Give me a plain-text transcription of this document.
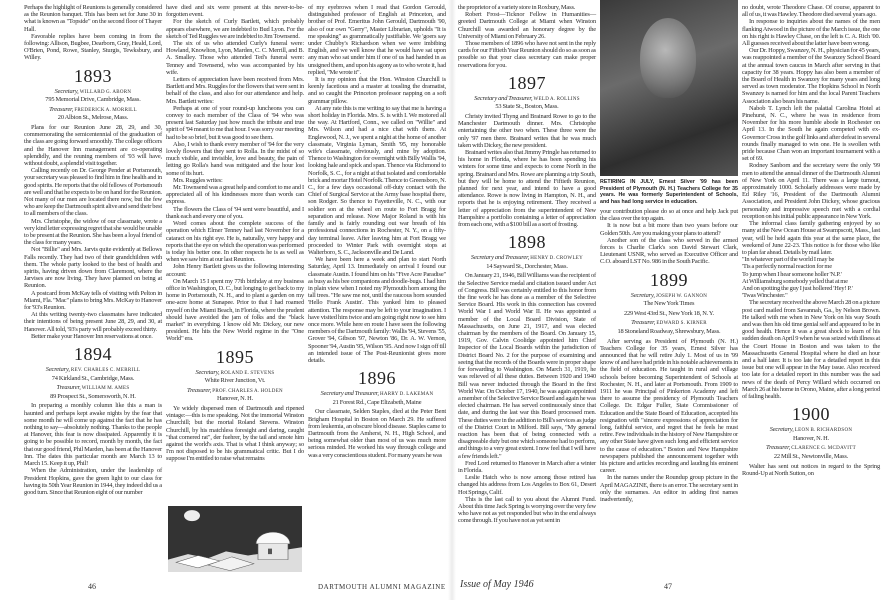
Perhaps the highlight of Reunions is generally considered as the Reunion banquet. This has been set for June 30 in what is known as "Topside" on the second floor of Thayer Hall.

Favorable replies have been coming in from the following: Allison, Bugbee, Dearborn, Gray, Heald, Lord, O'Brien, Pond, Rowe, Stanley, Sturgis, Tewksbury, and Willey.

1893
Secretary, WILLARD G. ABORN
795 Memorial Drive, Cambridge, Mass.
Treasurer, FREDERICK A. MORRILL
20 Albion St., Melrose, Mass.

Plans for our Reunion June 28, 29, and 30, commemorating the semicentennial of the graduation of the class are going forward smoothly. The college officers and the Hanover Inn management are co-operating splendidly, and the reuning members of '93 will have, without doubt, a splendid visit together.

Calling recently on Dr. George Pender at Portsmouth, your secretary was pleased to find him in fine health and in good spirits. He reports that the old fellows of Portsmouth are well and that he expects to be on hand for the Reunion. Not many of our men are located there now, but the few who are keep the Dartmouth spirit alive and send their best to all members of the class.

Mrs. Christophe, the widow of our classmate, wrote a very kind letter expressing regret that she would be unable to be present at the Reunion. She has been a loyal friend of the class for many years.

Not "Billie" and Mrs. Jarvis quite evidently at Bellows Falls recently. They had two of their grandchildren with them. The whole party looked to the best of health and spirits, having driven down from Claremont, where the Jarvises are now living. They have planned on being at Reunion.

A postcard from McKay tells of visiting with Pelton in Miami, Fla. "Mac" plans to bring Mrs. McKay to Hanover for '93's Reunion.

At this writing twenty-two classmates have indicated their intentions of being present June 28, 29, and 30, at Hanover. All told, '93's party will probably exceed thirty.

Better make your Hanover Inn reservations at once.

1894
Secretary, REV. CHARLES C. MERRILL
74 Kirkland St., Cambridge, Mass.
Treasurer, WILLIAM M. AMES
89 Prospect St., Somersworth, N. H.

In preparing a monthly column like this a man is haunted and perhaps kept awake nights by the fear that some month he will come up against the fact that he has nothing to say—absolutely nothing. Thanks to the people at Hanover, this fear is now dissipated. Apparently it is going to be possible to record, month by month, the fact that our good friend, Phil Marden, has been at the Hanover Inn. The dates this particular month are March 13 to March 15. Keep it up, Phil!

When the Administration, under the leadership of President Hopkins, gave the green light to our class for having its 50th Year Reunion in 1944, they indeed did us a good turn. Since that Reunion eight of our number

have died and six were present at this never-to-be-forgotten event.

For the sketch of Curly Bartlett, which probably appears elsewhere, we are indebted to Bud Lyon. For the sketch of Ted Ruggles we are indebted to Jim Townsend.

The six of us who attended Curly's funeral were: Howland, Knowlton, Lyon, Marden, C. C. Merrill, and B. A. Smalley. Those who attended Ted's funeral were: Tenney and Townsend, who was accompanied by his wife.

Letters of appreciation have been received from Mrs. Bartlett and Mrs. Ruggles for the flowers that were sent in behalf of the class, and also for our attendance and help. Mrs. Bartlett writes:

Perhaps at one of your round-up luncheons you can convey to each member of the Class of '94 who was present last Saturday just how much the tribute and true spirit of '94 meant to me that hour. I was sorry our meeting had to be so brief, but it was good to see them.

Also, I wish to thank every member of '94 for the very lovely flowers that they sent to Rolla. In the midst of so much visible, and invisible, love and beauty, the pain of letting go Rolla's hand was mitigated and the hour lost some of its hurt.

Mrs. Ruggles writes:

Mr. Townsend was a great help and comfort to me and I appreciated all of his kindnesses more than words can express.

The flowers the Class of '94 sent were beautiful, and I thank each and every one of you.

Word comes about the complete success of the operation which Elmer Tenney had last November for a cataract on his right eye. He is, naturally, very happy and reports that the eye on which the operation was performed is today his better one. In other respects he is as well as when we saw him at our last Reunion.

John Henry Bartlett gives us the following interesting account:

On March 15 I spent my 77th birthday at my business office in Washington, D. C., but longing to get back to my home in Portsmouth, N. H., and to plant a garden on my one-acre home at Sunapee. Prior to that I had roamed myself on the Miami Beach, in Florida, where the prudent should have avoided the jam of folks and the "black market" in everything. I know old Mr. Dickey, our new president. He hits the New World regime in the "One World" era.

1895
Secretary, ROLAND E. STEVENS
White River Junction, Vt.
Treasurer, PROF. CHARLES A. HOLDEN
Hanover, N. H.

Ye widely dispersed men of Dartmouth and ripened vintage:—this is me speaking. Not the immortal Winston Churchill; but the mortal Roland Stevens. Winston Churchill, by his matchless foresight and daring, caught "that cornered rat", der fuehrer, by the tail and smote him against the world's axis. That is what I think anyway; so I'm not disposed to be his grammatical critic. But I do suppose I'm entitled to raise what remains

of my eyebrows when I read that Gordon Gerould, distinguished professor of English at Princeton, and brother of Prof. Emeritus John Gerould, Dartmouth '90, also of our own "Gerry", Master Librarian, upholds "It is me speaking" as grammatically justifiable. We 'goers say under Chubby's Richardson when we were imbibing English, and we well know that he would have sat upon any man who sat under him if one of us had handed in as unsigned them, and upon his agony as to who wrote it, had replied, "Me wrote it".

It is my opinion that the Hon. Winston Churchill is keenly facetious and a master at tousling the dramatist, and so caught the Princeton professor napping on a soft grammar pillow.

At any rate this is me writing to say that me is having a short holiday in Florida. Mrs. S. is with I. We motored all the way. At Hartford, Conn., we called on "Willie" and Mrs. Wilson and had a nice chat with them. At Englewood, N. J., we spent a night at the home of another classmate, Virginia Lyman, Smith '95, my honorable wife's classmate, obviously, and mine by adoption. Thence to Washington for overnight with Billy Wallis '94, looking hale and spick and span. Thence via Richmond to Norfolk, S. C., for a night at that isolated and comfortable brick and mortar Hotel Norfolk. Thence to Greensboro, N. C., for a few days occasional off-duty contact with the Chief of Surgical Service at the Army base hospital there, son Rodger. So thence to Fayetteville, N. C., with our soldier son at the wheel en route to Fort Bragg for separation and release. Now Major Roland is with his family and is fairly rounding out war breath of his professional connections in Rochester, N. Y., on a fifty-day terminal leave. After leaving him at Fort Bragg we proceeded to Winter Park with overnight stops at Walterboro, S. C., Jacksonville and De Land.

We have been here a week and plan to start North Saturday, April 13. Immediately on arrival I found our classmate Austin. I found him on his "Five Acre Paradise" as busy as his bee companions and doodle-bugs. I had him in plain view when I noted my Plymouth horn among the tall trees. "He saw me not, until the raucous horn sounded 'Hello Frank Austin'. This yanked him to pleased attention. The response may be left to your imagination. I have visited him twice and am going right now to see him once more. While here en route I have seen the following members of the Dartmouth family: Wallis '94, Stevens '55, Grover '94, Gibson '97, Newton '86, Dr. A. W. Vernon, Spooner '94, Austin '95, Wilson '95. And now I sign off till an intended issue of The Post-Reunionist gives more details.

1896
Secretary and Treasurer, HARRY D. LAKEMAN
21 Forest Rd., Cape Elizabeth, Maine

Our classmate, Selden Staples, died at the Peter Bent Brigham Hospital in Boston on March 29. He suffered from leukemia, an obscure blood disease. Staples came to Dartmouth from the Amherst, N. H., High School, and being somewhat older than most of us was much more serious minded. He worked his way through college and was a very conscientious student. For many years he was

the proprietor of a variety store in Roxbury, Mass.

Robert Frost—Ticknor Fellow in Humanities—greeted Dartmouth College at Miami when Winston Churchill was awarded an honorary degree by the University of Miami on February 26.

Those members of 1896 who have not sent in the reply cards for our Fiftieth Year Reunion should do so as soon as possible so that your class secretary can make proper reservations for you.

1897
Secretary and Treasurer, WELD A. ROLLINS
53 State St., Boston, Mass.

Christy invited Thyng and Brainard Rowe to go to the Manchester Dartmouth dinner. Mrs. Christophe entertaining the other two when. These three were the only '97 men there. Brainard writes that he was much taken with Dickey, the new president.

Brainard writes also that Jimmy Pringle has returned to his home in Florida, where he has been spending his winters for some time and expects to come North in the spring. Brainard and Mrs. Rowe are planning a trip South, but they will be home to attend the Fiftieth Reunion, planned for next year, and intend to have a good attendance. Rowe is now living in Hampton, N. H., and reports that he is enjoying retirement. They received a letter of appreciation from the superintendent of New Hampshire a portfolio containing a letter of appreciation from each one, with a $100 bill as a sort of frosting.

1898
Secretary and Treasurer, HENRY D. CROWLEY
14 Sayward St., Dorchester, Mass.

On January 21, 1946, Bill Williams was the recipient of the Selective Service medal and citation issued under Act of Congress. Bill was certainly entitled to this honor from the fine work he has done as a member of the Selective Service Board. His work in this connection has covered World War I and World War II. He was appointed a member of the Local Board Division, State of Massachusetts, on June 21, 1917, and was elected chairman by the members of the Board. On January 15, 1919, Gov. Calvin Coolidge appointed him Chief Inspector of the Local Boards within the jurisdiction of District Board No. 2 for the purpose of examining and seeing that the records of the Boards were in proper shape for forwarding to Washington. On March 31, 1919, he was relieved of all these duties. Between 1920 and 1940 Bill was never inducted through the Board in the first World War. On October 17, 1940, he was again appointed a member of the Selective Service Board and again he was elected chairman. He has served continuously since that date, and during the last war this Board processed men. These duties were in the addition to Bill's services as judge of the District Court in Milford. Bill says, "My general reaction has been that of being connected with a disagreeable duty but one which someone had to perform, and things to a very great extent. I now feel that I will have a few friends left."

Fred Lord returned to Hanover in March after a winter in Florida.

Leslie Hatch who is now among those retired has changed his address from Los Angeles to Box 61, Desert Hot Springs, Calif.

This is the last call to you about the Alumni Fund. About this time Jack Spring is worrying over the very few who have not as yet responded but who in the end always come through. If you have not as yet sent in

your contribution please do so at once and help Jack put the class over the top again.

It is now but a bit more than two years before our Golden 50th. Are you making your plans to attend?

Another son of the class who served in the armed forces is Charlie Clark's son David Stewart Clark, Lieutenant USNR, who served as Executive Officer and C.O. aboard LST No. 986 in the South Pacific.

1899
Secretary, JOSEPH W. GANNON
The New York Times
229 West 43rd St., New York 18, N. Y.
Treasurer, EDWARD S. KIRNER
18 Stoneland Roadway, Shrewsbury, Mass.

After serving as President of Plymouth (N. H.) Teachers College for 35 years, Ernest Silver has announced that he will retire July 1. Most of us in '99 know of and have had pride in his notable achievements in the field of education. He taught in rural and village schools before becoming Superintendent of Schools at Rochester, N. H., and later at Portsmouth. From 1909 to 1911 he was Principal of Pinkerton Academy and left there to assume the presidency of Plymouth Teachers College. Dr. Edgar Fuller, State Commissioner of Education and the State Board of Education, accepted his resignation with "sincere expressions of appreciation for long, faithful service, and regret that he feels he must retire. Few individuals in the history of New Hampshire or any other State have given such long and efficient service to the cause of education." Boston and New Hampshire newspapers published the announcement together with his picture and articles recording and lauding his eminent career.

In the names under the Roundup group picture in the April MAGAZINE, there is an error. The secretary sent in only the surnames. An editor in adding first names inadvertently,

no doubt, wrote Theodore Chase. Of course, apparent to all of us, it was Hawley. Theodore died several years ago.

In response to inquiries about the names of the men flanking Atwood in the picture of the March issue, the one on his right is Hawley Chase, on the left is C. A. Rich '00. All guesses received about the latter have been wrong.

Our Dr. Hoppy, Swanzey, N. H., physician for 45 years, was reappointed a member of the Swanzey School Board at the annual town caucus in March after serving in that capacity for 38 years. Hoppy has also been a member of the Board of Health in Swanzey for many years and long served as town moderator. The Hopkins School in North Swanzey is named for him and the local Parent Teachers Association also bears his name.

Nabob T. Lynch left the palatial Carolina Hotel at Pinehurst, N. C., where he was in residence from November for his more humble abode in Rochester on April 13. In the South he again competed with ex-Governor Cross in the golf links and after defeat in several rounds finally managed to win one. He is swollen with pride because Chan won an important tournament with a set of 69.

Rodney Sanborn and the secretary were the only '99 men to attend the annual dinner of the Dartmouth Alumni of New York on April 11. There was a large turnout, approximately 1000. Scholarly addresses were made by Ed Riley '16, President of the Dartmouth Alumni Association, and President John Dickey, whose gracious personality and impressive speech met with a cordial reception on his initial public appearance in New York.

The informal class family gathering enjoyed by so many at the New Ocean House at Swampscott, Mass., last year, will be held again this year at the same place, the weekend of June 22-23. This notice is for those who like to plan far ahead. Details by mail later.

"In whatever part of the world I may be

'Tis a perfectly normal reaction for me

To jump when I hear someone holler 'N.P.'

At Williamsburg somebody yelled that at me

And on spotting the guy I just hollered 'Hey! P.'

'Twas Winchester."

The secretary received the above March 28 on a picture post card mailed from Savannah, Ga., by Nelson Brown. He talked with me when in New York on his way South and was then his old time genial self and appeared to be in good health. Hence it was a great shock to learn of his sudden death on April 9 when he was seized with illness at the Court House in Boston and was taken to the Massachusetts General Hospital where he died an hour and a half later. It is too late for a detailed report in this issue but one will appear in the May issue. Also received too late for a detailed report in this number was the sad news of the death of Percy Willard which occurred on March 26 at his home in Orono, Maine, after a long period of failing health.

1900
Secretary, LEON B. RICHARDSON
Hanover, N. H.
Treasurer, CLARENCE G. MCDAVITT
22 Mill St., Newtonville, Mass.

Walter has sent out notices in regard to the Spring Round-Up at North Sutton, on

RETIRING IN JULY, Ernest Silver '99 has been President of Plymouth (N. H.) Teachers College for 35 years. He was formerly Superintendent of Schools, and has had long service in education.
46	DARTMOUTH ALUMNI MAGAZINE Issue of May 1946	47
